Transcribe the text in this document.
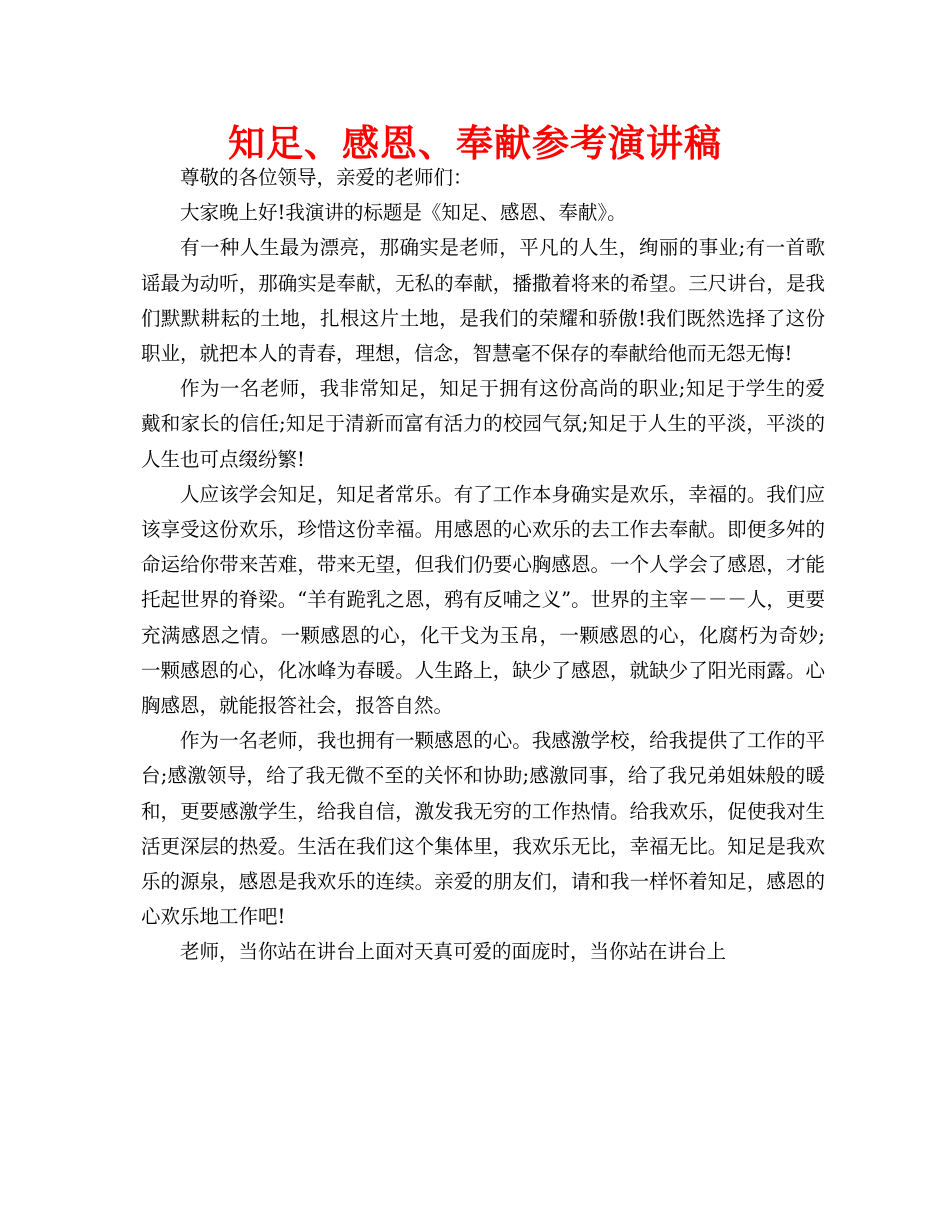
知足、感恩、奉献参考演讲稿

尊敬的各位领导，亲爱的老师们：

大家晚上好!我演讲的标题是《知足、感恩、奉献》。

有一种人生最为漂亮，那确实是老师，平凡的人生，绚丽的事业;有一首歌谣最为动听，那确实是奉献，无私的奉献，播撒着将来的希望。三尺讲台，是我们默默耕耘的土地，扎根这片土地，是我们的荣耀和骄傲!我们既然选择了这份职业，就把本人的青春，理想，信念，智慧毫不保存的奉献给他而无怨无悔!

作为一名老师，我非常知足，知足于拥有这份高尚的职业;知足于学生的爱戴和家长的信任;知足于清新而富有活力的校园气氛;知足于人生的平淡，平淡的人生也可点缀纷繁!

人应该学会知足，知足者常乐。有了工作本身确实是欢乐，幸福的。我们应该享受这份欢乐，珍惜这份幸福。用感恩的心欢乐的去工作去奉献。即便多舛的命运给你带来苦难，带来无望，但我们仍要心胸感恩。一个人学会了感恩，才能托起世界的脊梁。“羊有跪乳之恩，鸦有反哺之义”。世界的主宰－－－人，更要充满感恩之情。一颗感恩的心，化干戈为玉帛，一颗感恩的心，化腐朽为奇妙;一颗感恩的心，化冰峰为春暖。人生路上，缺少了感恩，就缺少了阳光雨露。心胸感恩，就能报答社会，报答自然。

作为一名老师，我也拥有一颗感恩的心。我感激学校，给我提供了工作的平台;感激领导，给了我无微不至的关怀和协助;感激同事，给了我兄弟姐妹般的暖和，更要感激学生，给我自信，激发我无穷的工作热情。给我欢乐，促使我对生活更深层的热爱。生活在我们这个集体里，我欢乐无比，幸福无比。知足是我欢乐的源泉，感恩是我欢乐的连续。亲爱的朋友们，请和我一样怀着知足，感恩的心欢乐地工作吧!

老师，当你站在讲台上面对天真可爱的面庞时，当你站在讲台上
